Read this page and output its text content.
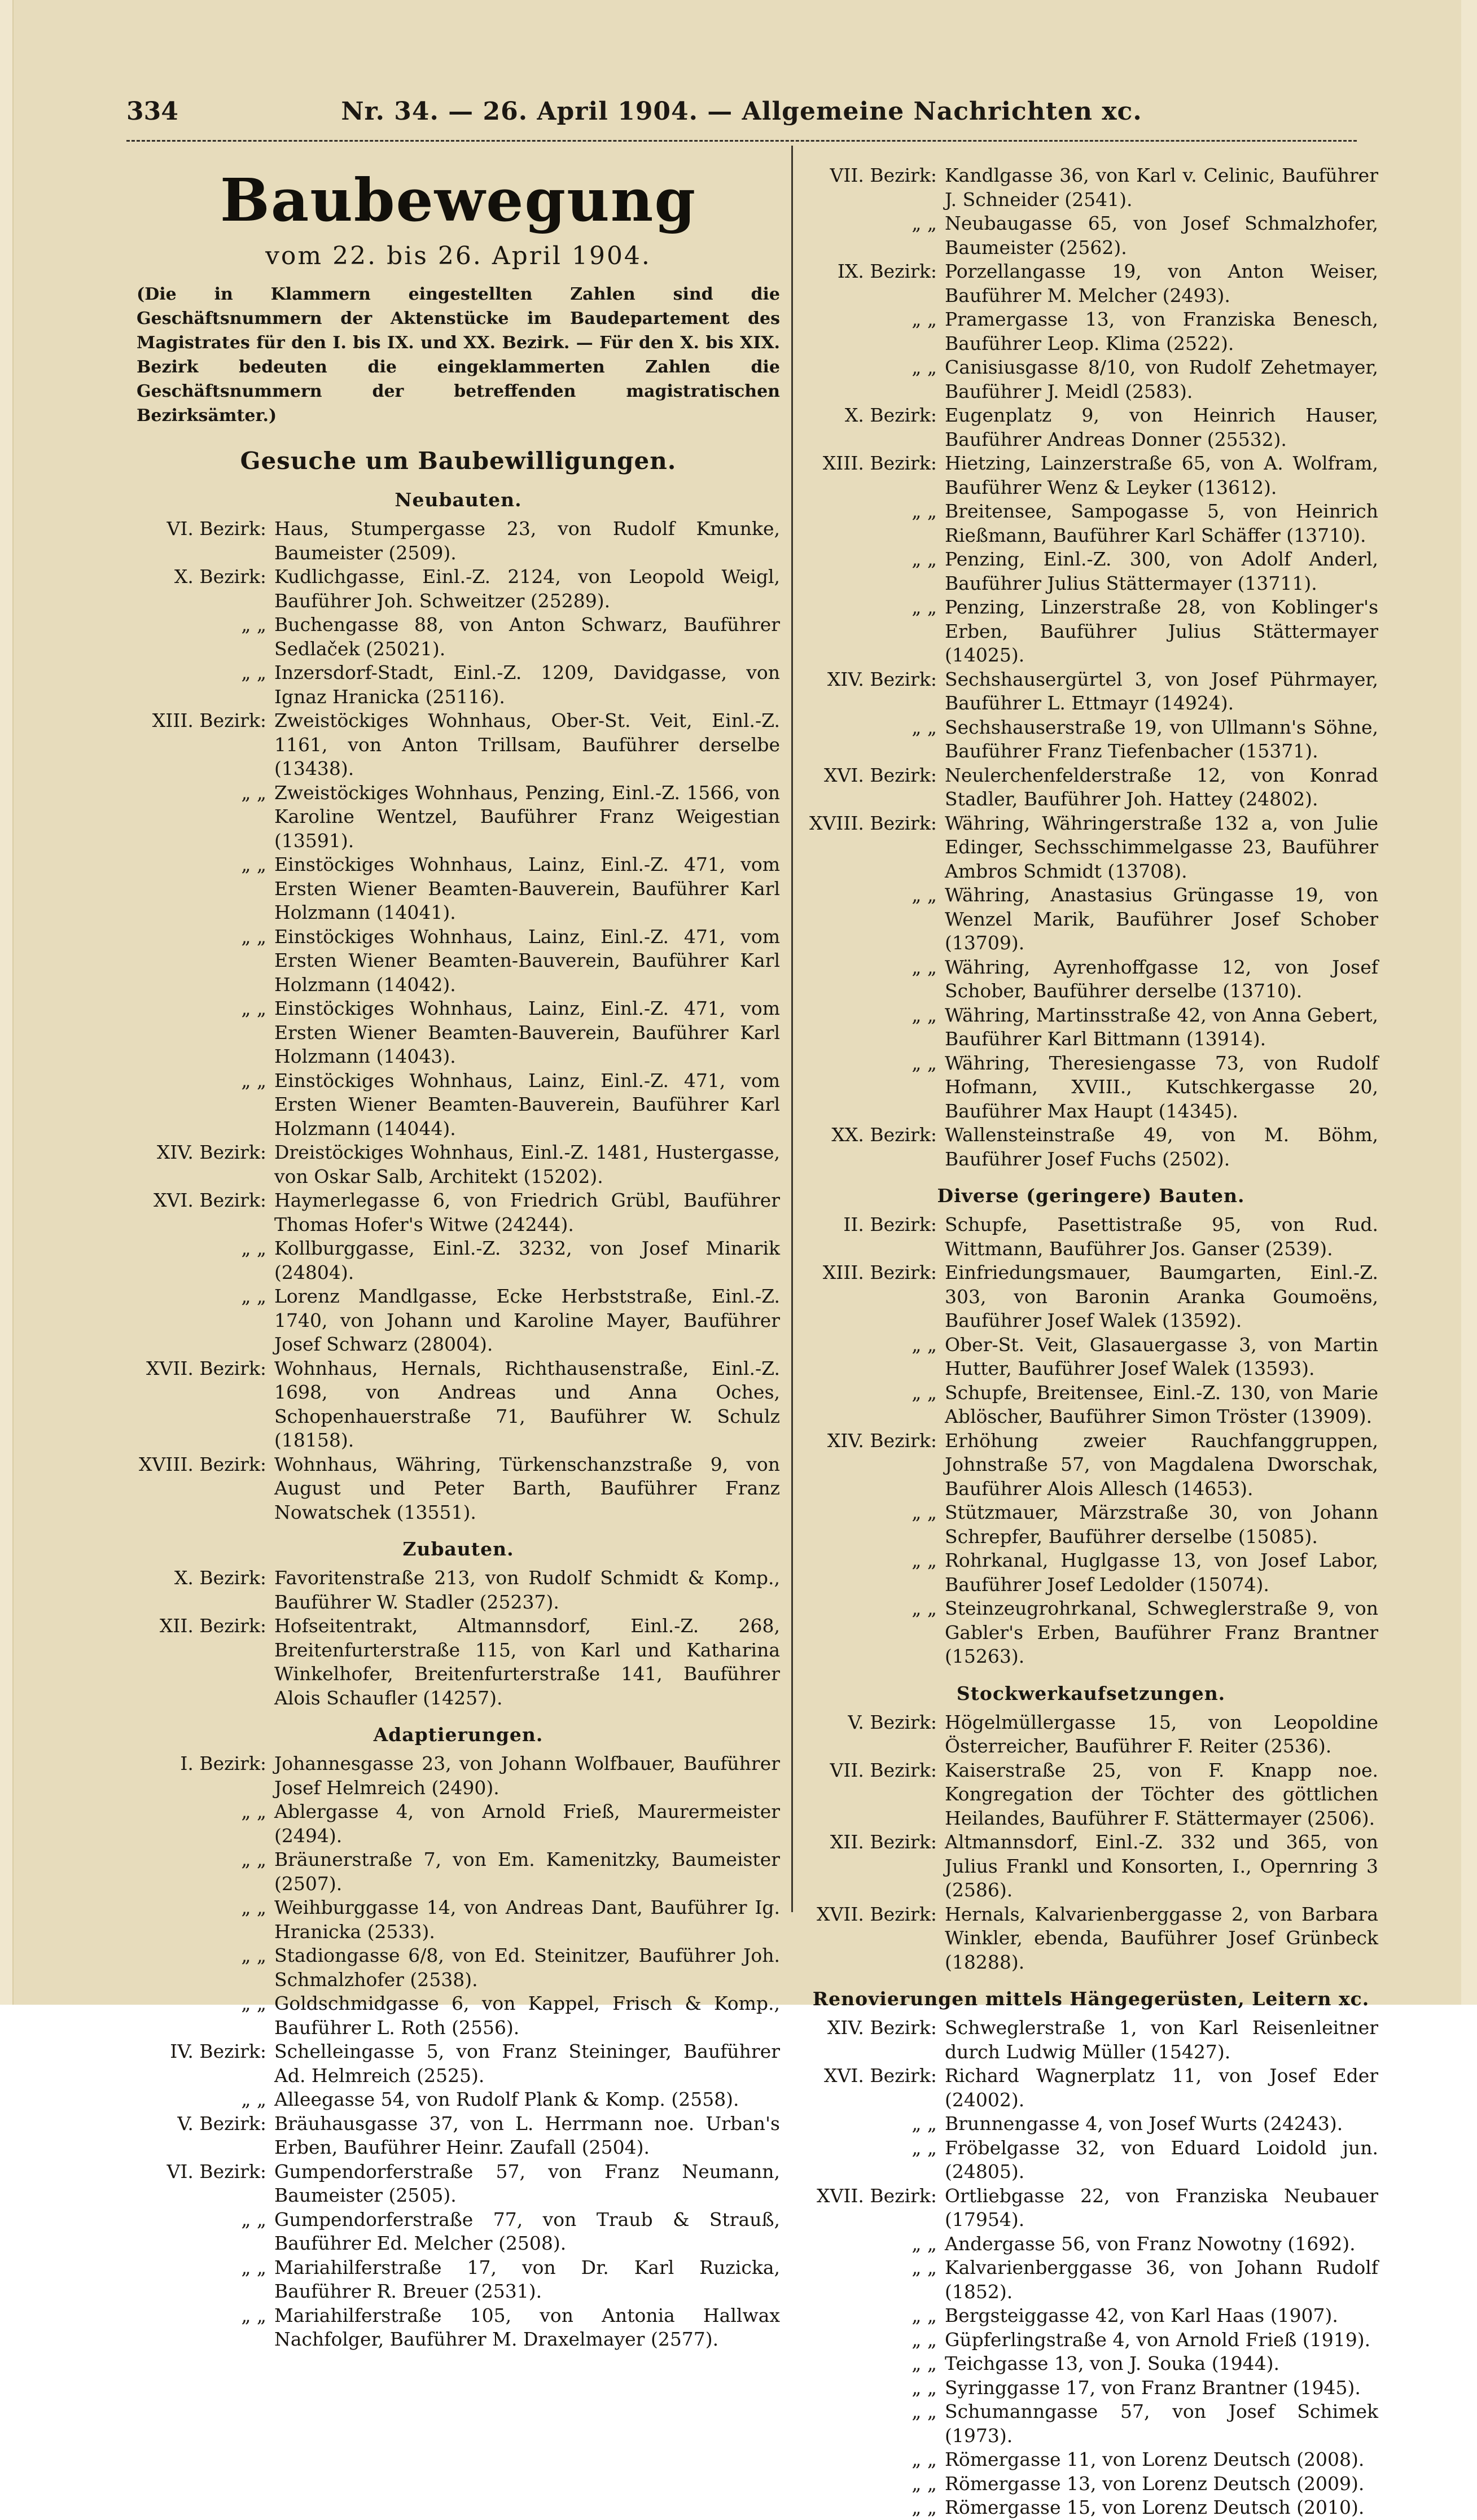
334	Nr. 34. — 26. April 1904. — Allgemeine Nachrichten xc.
Baubewegung
vom 22. bis 26. April 1904.
(Die in Klammern eingestellten Zahlen sind die Geschäftsnummern der Aktenstücke im Baudepartement des Magistrates für den I. bis IX. und XX. Bezirk. — Für den X. bis XIX. Bezirk bedeuten die eingeklammerten Zahlen die Geschäftsnummern der betreffenden magistratischen Bezirksämter.)
Gesuche um Baubewilligungen.
Neubauten.
VI. Bezirk: Haus, Stumpergasse 23, von Rudolf Kmunke, Baumeister (2509).
X. Bezirk: Kudlichgasse, Einl.-Z. 2124, von Leopold Weigl, Bauführer Joh. Schweitzer (25289).
„ „ Buchengasse 88, von Anton Schwarz, Bauführer Sedlaček (25021).
„ „ Inzersdorf-Stadt, Einl.-Z. 1209, Davidgasse, von Ignaz Hranicka (25116).
XIII. Bezirk: Zweistöckiges Wohnhaus, Ober-St. Veit, Einl.-Z. 1161, von Anton Trillsam, Bauführer derselbe (13438).
„ „ Zweistöckiges Wohnhaus, Penzing, Einl.-Z. 1566, von Karoline Wentzel, Bauführer Franz Weigestian (13591).
„ „ Einstöckiges Wohnhaus, Lainz, Einl.-Z. 471, vom Ersten Wiener Beamten-Bauverein, Bauführer Karl Holzmann (14041).
„ „ Einstöckiges Wohnhaus, Lainz, Einl.-Z. 471, vom Ersten Wiener Beamten-Bauverein, Bauführer Karl Holzmann (14042).
„ „ Einstöckiges Wohnhaus, Lainz, Einl.-Z. 471, vom Ersten Wiener Beamten-Bauverein, Bauführer Karl Holzmann (14043).
„ „ Einstöckiges Wohnhaus, Lainz, Einl.-Z. 471, vom Ersten Wiener Beamten-Bauverein, Bauführer Karl Holzmann (14044).
XIV. Bezirk: Dreistöckiges Wohnhaus, Einl.-Z. 1481, Hustergasse, von Oskar Salb, Architekt (15202).
XVI. Bezirk: Haymerlegasse 6, von Friedrich Grübl, Bauführer Thomas Hofer's Witwe (24244).
„ „ Kollburggasse, Einl.-Z. 3232, von Josef Minarik (24804).
„ „ Lorenz Mandlgasse, Ecke Herbststraße, Einl.-Z. 1740, von Johann und Karoline Mayer, Bauführer Josef Schwarz (28004).
XVII. Bezirk: Wohnhaus, Hernals, Richthausenstraße, Einl.-Z. 1698, von Andreas und Anna Oches, Schopenhauerstraße 71, Bauführer W. Schulz (18158).
XVIII. Bezirk: Wohnhaus, Währing, Türkenschanzstraße 9, von August und Peter Barth, Bauführer Franz Nowatschek (13551).
Zubauten.
X. Bezirk: Favoritenstraße 213, von Rudolf Schmidt & Komp., Bauführer W. Stadler (25237).
XII. Bezirk: Hofseitentrakt, Altmannsdorf, Einl.-Z. 268, Breitenfurterstraße 115, von Karl und Katharina Winkelhofer, Breitenfurterstraße 141, Bauführer Alois Schaufler (14257).
Adaptierungen.
I. Bezirk: Johannesgasse 23, von Johann Wolfbauer, Bauführer Josef Helmreich (2490).
„ „ Ablergasse 4, von Arnold Frieß, Maurermeister (2494).
„ „ Bräunerstraße 7, von Em. Kamenitzky, Baumeister (2507).
„ „ Weihburggasse 14, von Andreas Dant, Bauführer Ig. Hranicka (2533).
„ „ Stadiongasse 6/8, von Ed. Steinitzer, Bauführer Joh. Schmalzhofer (2538).
„ „ Goldschmidgasse 6, von Kappel, Frisch & Komp., Bauführer L. Roth (2556).
IV. Bezirk: Schelleingasse 5, von Franz Steininger, Bauführer Ad. Helmreich (2525).
„ „ Alleegasse 54, von Rudolf Plank & Komp. (2558).
V. Bezirk: Bräuhausgasse 37, von L. Herrmann noe. Urban's Erben, Bauführer Heinr. Zaufall (2504).
VI. Bezirk: Gumpendorferstraße 57, von Franz Neumann, Baumeister (2505).
„ „ Gumpendorferstraße 77, von Traub & Strauß, Bauführer Ed. Melcher (2508).
„ „ Mariahilferstraße 17, von Dr. Karl Ruzicka, Bauführer R. Breuer (2531).
„ „ Mariahilferstraße 105, von Antonia Hallwax Nachfolger, Bauführer M. Draxelmayer (2577).
VII. Bezirk: Kandlgasse 36, von Karl v. Celinic, Bauführer J. Schneider (2541).
„ „ Neubaugasse 65, von Josef Schmalzhofer, Baumeister (2562).
IX. Bezirk: Porzellangasse 19, von Anton Weiser, Bauführer M. Melcher (2493).
„ „ Pramergasse 13, von Franziska Benesch, Bauführer Leop. Klima (2522).
„ „ Canisiusgasse 8/10, von Rudolf Zehetmayer, Bauführer J. Meidl (2583).
X. Bezirk: Eugenplatz 9, von Heinrich Hauser, Bauführer Andreas Donner (25532).
XIII. Bezirk: Hietzing, Lainzerstraße 65, von A. Wolfram, Bauführer Wenz & Leyker (13612).
„ „ Breitensee, Sampogasse 5, von Heinrich Rießmann, Bauführer Karl Schäffer (13710).
„ „ Penzing, Einl.-Z. 300, von Adolf Anderl, Bauführer Julius Stättermayer (13711).
„ „ Penzing, Linzerstraße 28, von Koblinger's Erben, Bauführer Julius Stättermayer (14025).
XIV. Bezirk: Sechshausergürtel 3, von Josef Pührmayer, Bauführer L. Ettmayr (14924).
„ „ Sechshauserstraße 19, von Ullmann's Söhne, Bauführer Franz Tiefenbacher (15371).
XVI. Bezirk: Neulerchenfelderstraße 12, von Konrad Stadler, Bauführer Joh. Hattey (24802).
XVIII. Bezirk: Währing, Währingerstraße 132 a, von Julie Edinger, Sechsschimmelgasse 23, Bauführer Ambros Schmidt (13708).
„ „ Währing, Anastasius Grüngasse 19, von Wenzel Marik, Bauführer Josef Schober (13709).
„ „ Währing, Ayrenhoffgasse 12, von Josef Schober, Bauführer derselbe (13710).
„ „ Währing, Martinsstraße 42, von Anna Gebert, Bauführer Karl Bittmann (13914).
„ „ Währing, Theresiengasse 73, von Rudolf Hofmann, XVIII., Kutschkergasse 20, Bauführer Max Haupt (14345).
XX. Bezirk: Wallensteinstraße 49, von M. Böhm, Bauführer Josef Fuchs (2502).
Diverse (geringere) Bauten.
II. Bezirk: Schupfe, Pasettistraße 95, von Rud. Wittmann, Bauführer Jos. Ganser (2539).
XIII. Bezirk: Einfriedungsmauer, Baumgarten, Einl.-Z. 303, von Baronin Aranka Goumoëns, Bauführer Josef Walek (13592).
„ „ Ober-St. Veit, Glasauergasse 3, von Martin Hutter, Bauführer Josef Walek (13593).
„ „ Schupfe, Breitensee, Einl.-Z. 130, von Marie Ablöscher, Bauführer Simon Tröster (13909).
XIV. Bezirk: Erhöhung zweier Rauchfanggruppen, Johnstraße 57, von Magdalena Dworschak, Bauführer Alois Allesch (14653).
„ „ Stützmauer, Märzstraße 30, von Johann Schrepfer, Bauführer derselbe (15085).
„ „ Rohrkanal, Huglgasse 13, von Josef Labor, Bauführer Josef Ledolder (15074).
„ „ Steinzeugrohrkanal, Schweglerstraße 9, von Gabler's Erben, Bauführer Franz Brantner (15263).
Stockwerkaufsetzungen.
V. Bezirk: Högelmüllergasse 15, von Leopoldine Österreicher, Bauführer F. Reiter (2536).
VII. Bezirk: Kaiserstraße 25, von F. Knapp noe. Kongregation der Töchter des göttlichen Heilandes, Bauführer F. Stättermayer (2506).
XII. Bezirk: Altmannsdorf, Einl.-Z. 332 und 365, von Julius Frankl und Konsorten, I., Opernring 3 (2586).
XVII. Bezirk: Hernals, Kalvarienberggasse 2, von Barbara Winkler, ebenda, Bauführer Josef Grünbeck (18288).
Renovierungen mittels Hängegerüsten, Leitern xc.
XIV. Bezirk: Schweglerstraße 1, von Karl Reisenleitner durch Ludwig Müller (15427).
XVI. Bezirk: Richard Wagnerplatz 11, von Josef Eder (24002).
„ „ Brunnengasse 4, von Josef Wurts (24243).
„ „ Fröbelgasse 32, von Eduard Loidold jun. (24805).
XVII. Bezirk: Ortliebgasse 22, von Franziska Neubauer (17954).
„ „ Andergasse 56, von Franz Nowotny (1692).
„ „ Kalvarienberggasse 36, von Johann Rudolf (1852).
„ „ Bergsteiggasse 42, von Karl Haas (1907).
„ „ Güpferlingstraße 4, von Arnold Frieß (1919).
„ „ Teichgasse 13, von J. Souka (1944).
„ „ Syringgasse 17, von Franz Brantner (1945).
„ „ Schumanngasse 57, von Josef Schimek (1973).
„ „ Römergasse 11, von Lorenz Deutsch (2008).
„ „ Römergasse 13, von Lorenz Deutsch (2009).
„ „ Römergasse 15, von Lorenz Deutsch (2010).
